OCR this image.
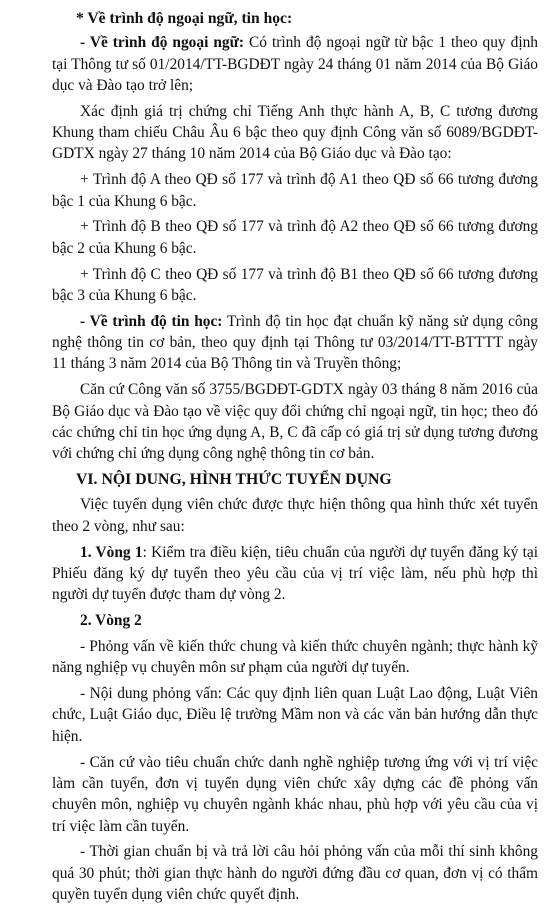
* Về trình độ ngoại ngữ, tin học:

- Về trình độ ngoại ngữ: Có trình độ ngoại ngữ từ bậc 1 theo quy định tại Thông tư số 01/2014/TT-BGDĐT ngày 24 tháng 01 năm 2014 của Bộ Giáo dục và Đào tạo trở lên;

Xác định giá trị chứng chỉ Tiếng Anh thực hành A, B, C tương đương Khung tham chiếu Châu Âu 6 bậc theo quy định Công văn số 6089/BGDĐT-GDTX ngày 27 tháng 10 năm 2014 của Bộ Giáo dục và Đào tạo:

+ Trình độ A theo QĐ số 177 và trình độ A1 theo QĐ số 66 tương đương bậc 1 của Khung 6 bậc.

+ Trình độ B theo QĐ số 177 và trình độ A2 theo QĐ số 66 tương đương bậc 2 của Khung 6 bậc.

+ Trình độ C theo QĐ số 177 và trình độ B1 theo QĐ số 66 tương đương bậc 3 của Khung 6 bậc.

- Về trình độ tin học: Trình độ tin học đạt chuẩn kỹ năng sử dụng công nghệ thông tin cơ bản, theo quy định tại Thông tư 03/2014/TT-BTTTT ngày 11 tháng 3 năm 2014 của Bộ Thông tin và Truyền thông;

Căn cứ Công văn số 3755/BGDĐT-GDTX ngày 03 tháng 8 năm 2016 của Bộ Giáo dục và Đào tạo về việc quy đổi chứng chỉ ngoại ngữ, tin học; theo đó các chứng chỉ tin học ứng dụng A, B, C đã cấp có giá trị sử dụng tương đương với chứng chỉ ứng dụng công nghệ thông tin cơ bản.

VI. NỘI DUNG, HÌNH THỨC TUYỂN DỤNG

Việc tuyển dụng viên chức được thực hiện thông qua hình thức xét tuyển theo 2 vòng, như sau:

1. Vòng 1: Kiểm tra điều kiện, tiêu chuẩn của người dự tuyển đăng ký tại Phiếu đăng ký dự tuyển theo yêu cầu của vị trí việc làm, nếu phù hợp thì người dự tuyển được tham dự vòng 2.

2. Vòng 2

- Phỏng vấn về kiến thức chung và kiến thức chuyên ngành; thực hành kỹ năng nghiệp vụ chuyên môn sư phạm của người dự tuyển.

- Nội dung phỏng vấn: Các quy định liên quan Luật Lao động, Luật Viên chức, Luật Giáo dục, Điều lệ trường Mầm non và các văn bản hướng dẫn thực hiện.

- Căn cứ vào tiêu chuẩn chức danh nghề nghiệp tương ứng với vị trí việc làm cần tuyển, đơn vị tuyển dụng viên chức xây dựng các đề phỏng vấn chuyên môn, nghiệp vụ chuyên ngành khác nhau, phù hợp với yêu cầu của vị trí việc làm cần tuyển.

- Thời gian chuẩn bị và trả lời câu hỏi phỏng vấn của mỗi thí sinh không quá 30 phút; thời gian thực hành do người đứng đầu cơ quan, đơn vị có thẩm quyền tuyển dụng viên chức quyết định.
